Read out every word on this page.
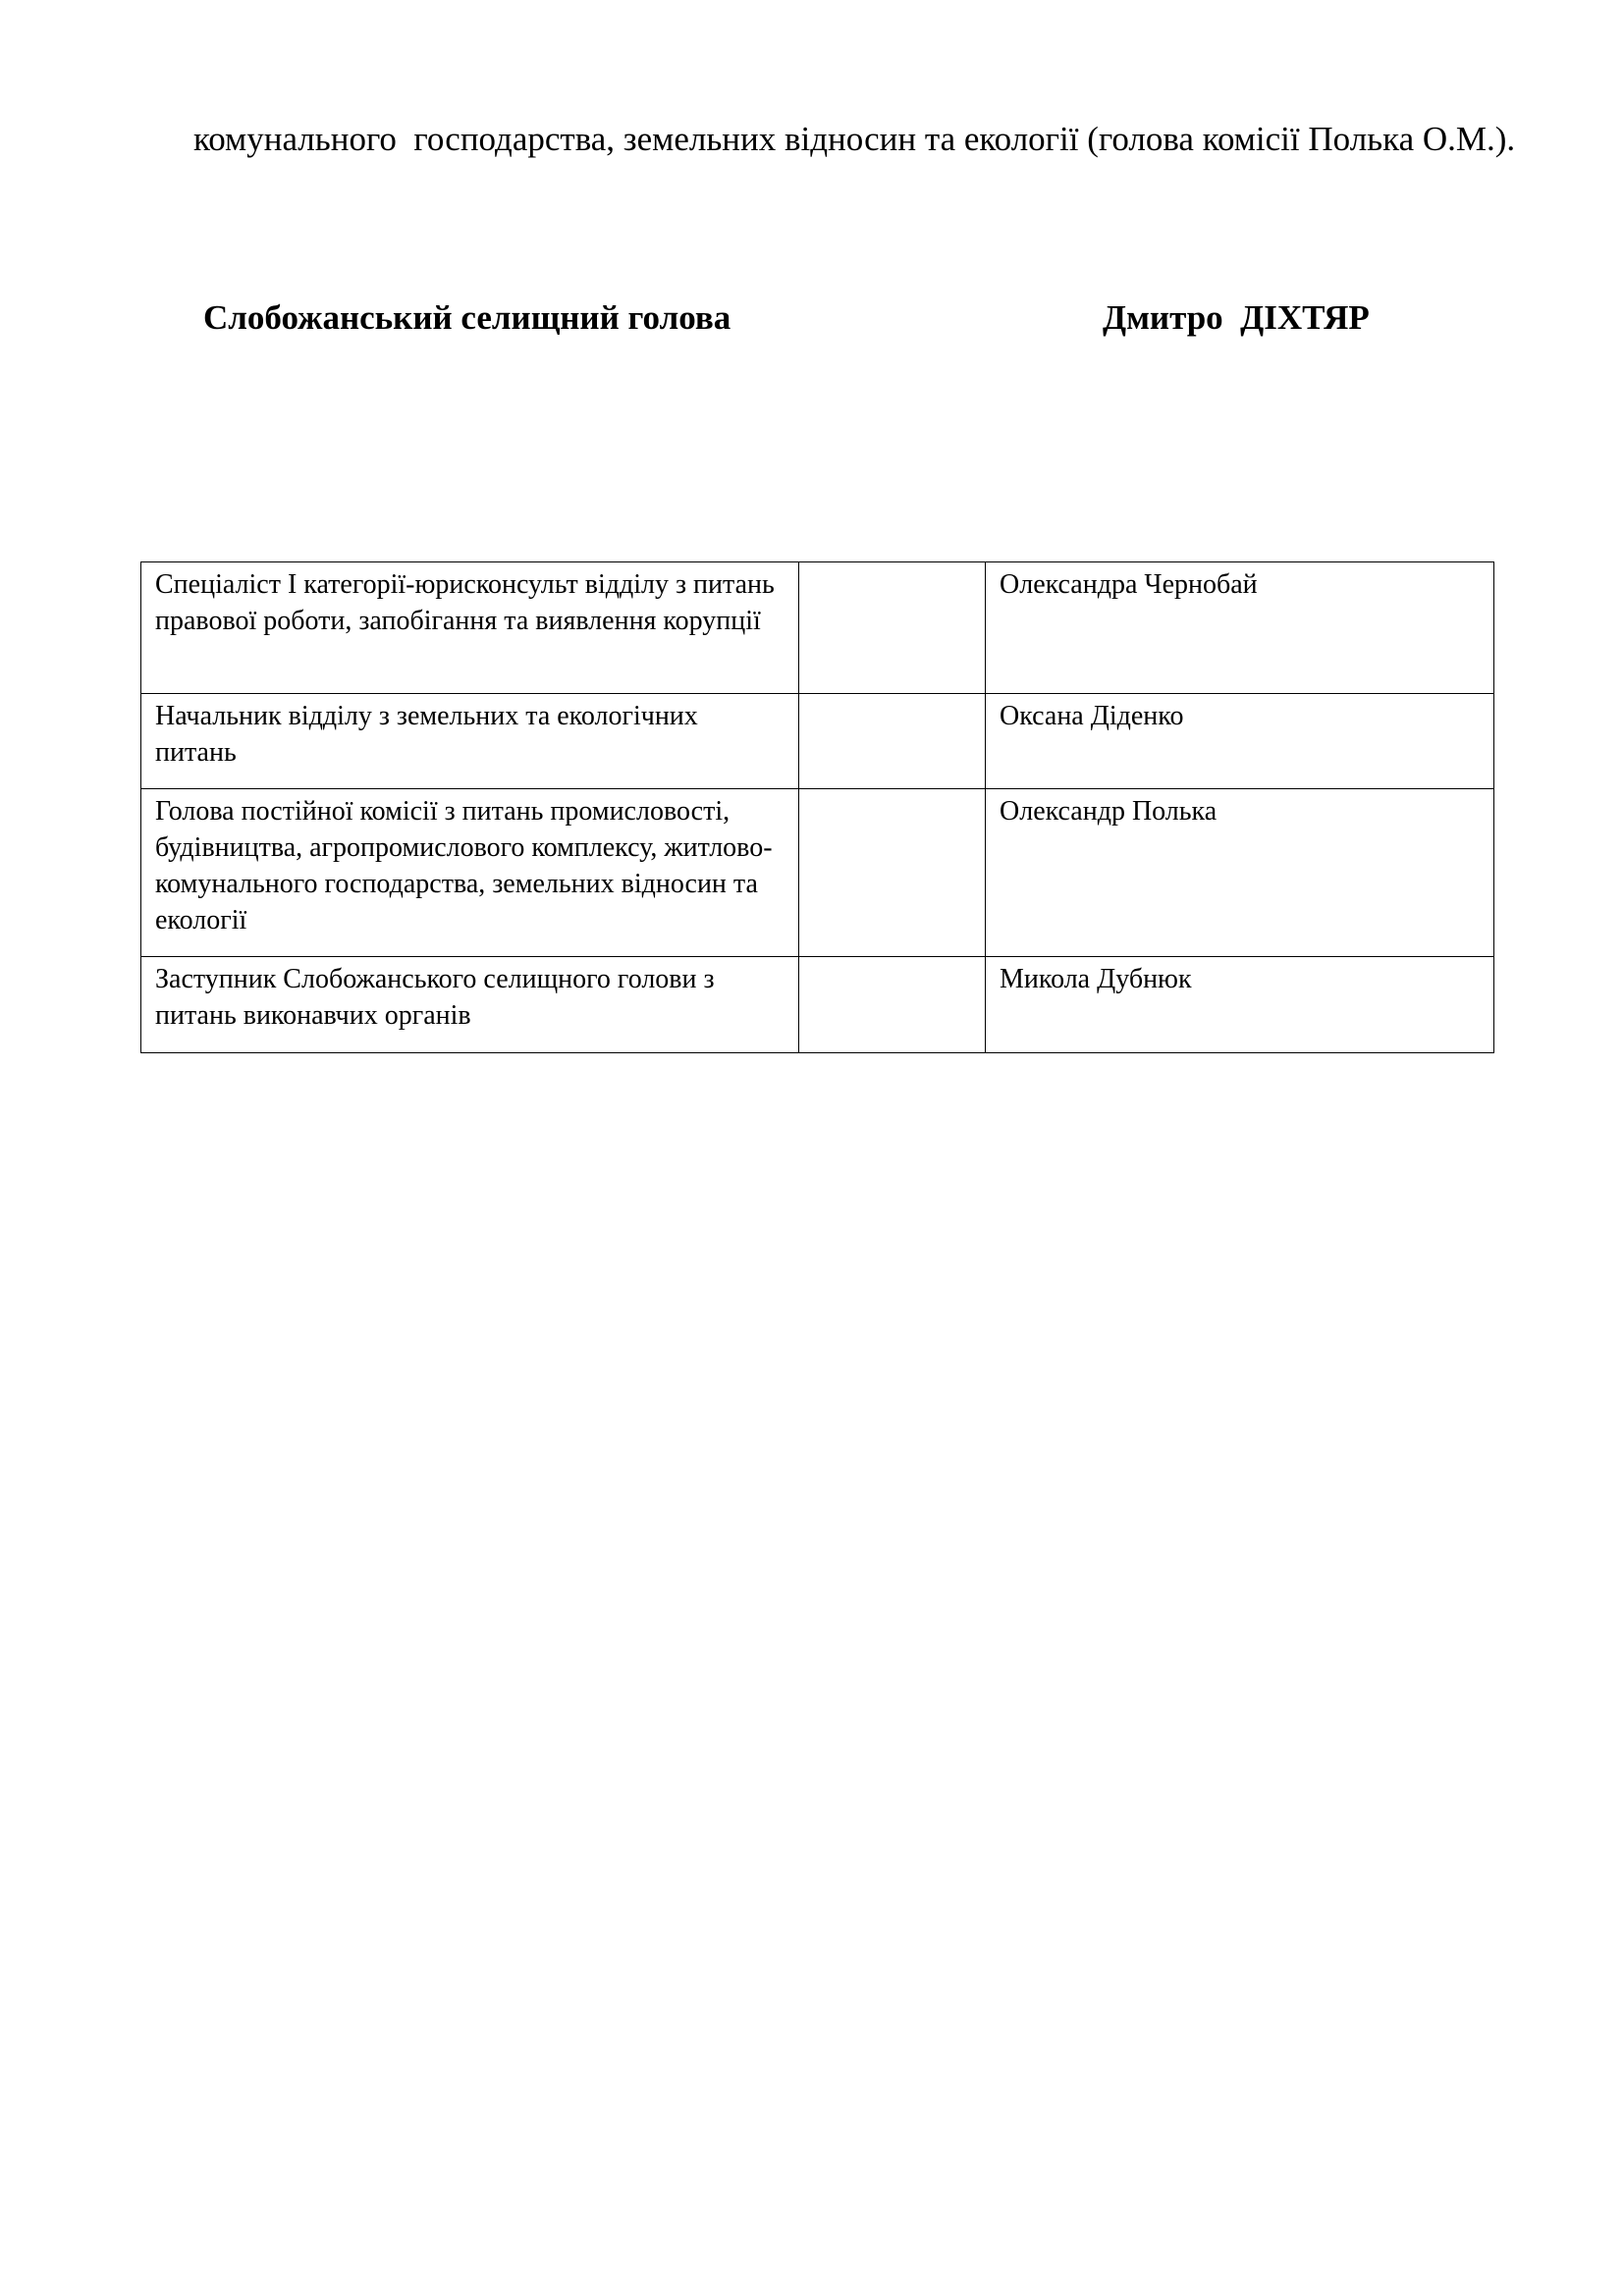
комунального  господарства, земельних відносин та екології (голова комісії Полька О.М.).

Слобожанський селищний голова	Дмитро  ДІХТЯР
Спеціаліст І категорії-юрисконсульт відділу з питань правової роботи, запобігання та виявлення корупції		Олександра Чернобай
Начальник відділу з земельних та екологічних питань		Оксана Діденко
Голова постійної комісії з питань промисловості, будівництва, агропромислового комплексу, житлово-комунального господарства, земельних відносин та екології		Олександр Полька
Заступник Слобожанського селищного голови з питань виконавчих органів		Микола Дубнюк
